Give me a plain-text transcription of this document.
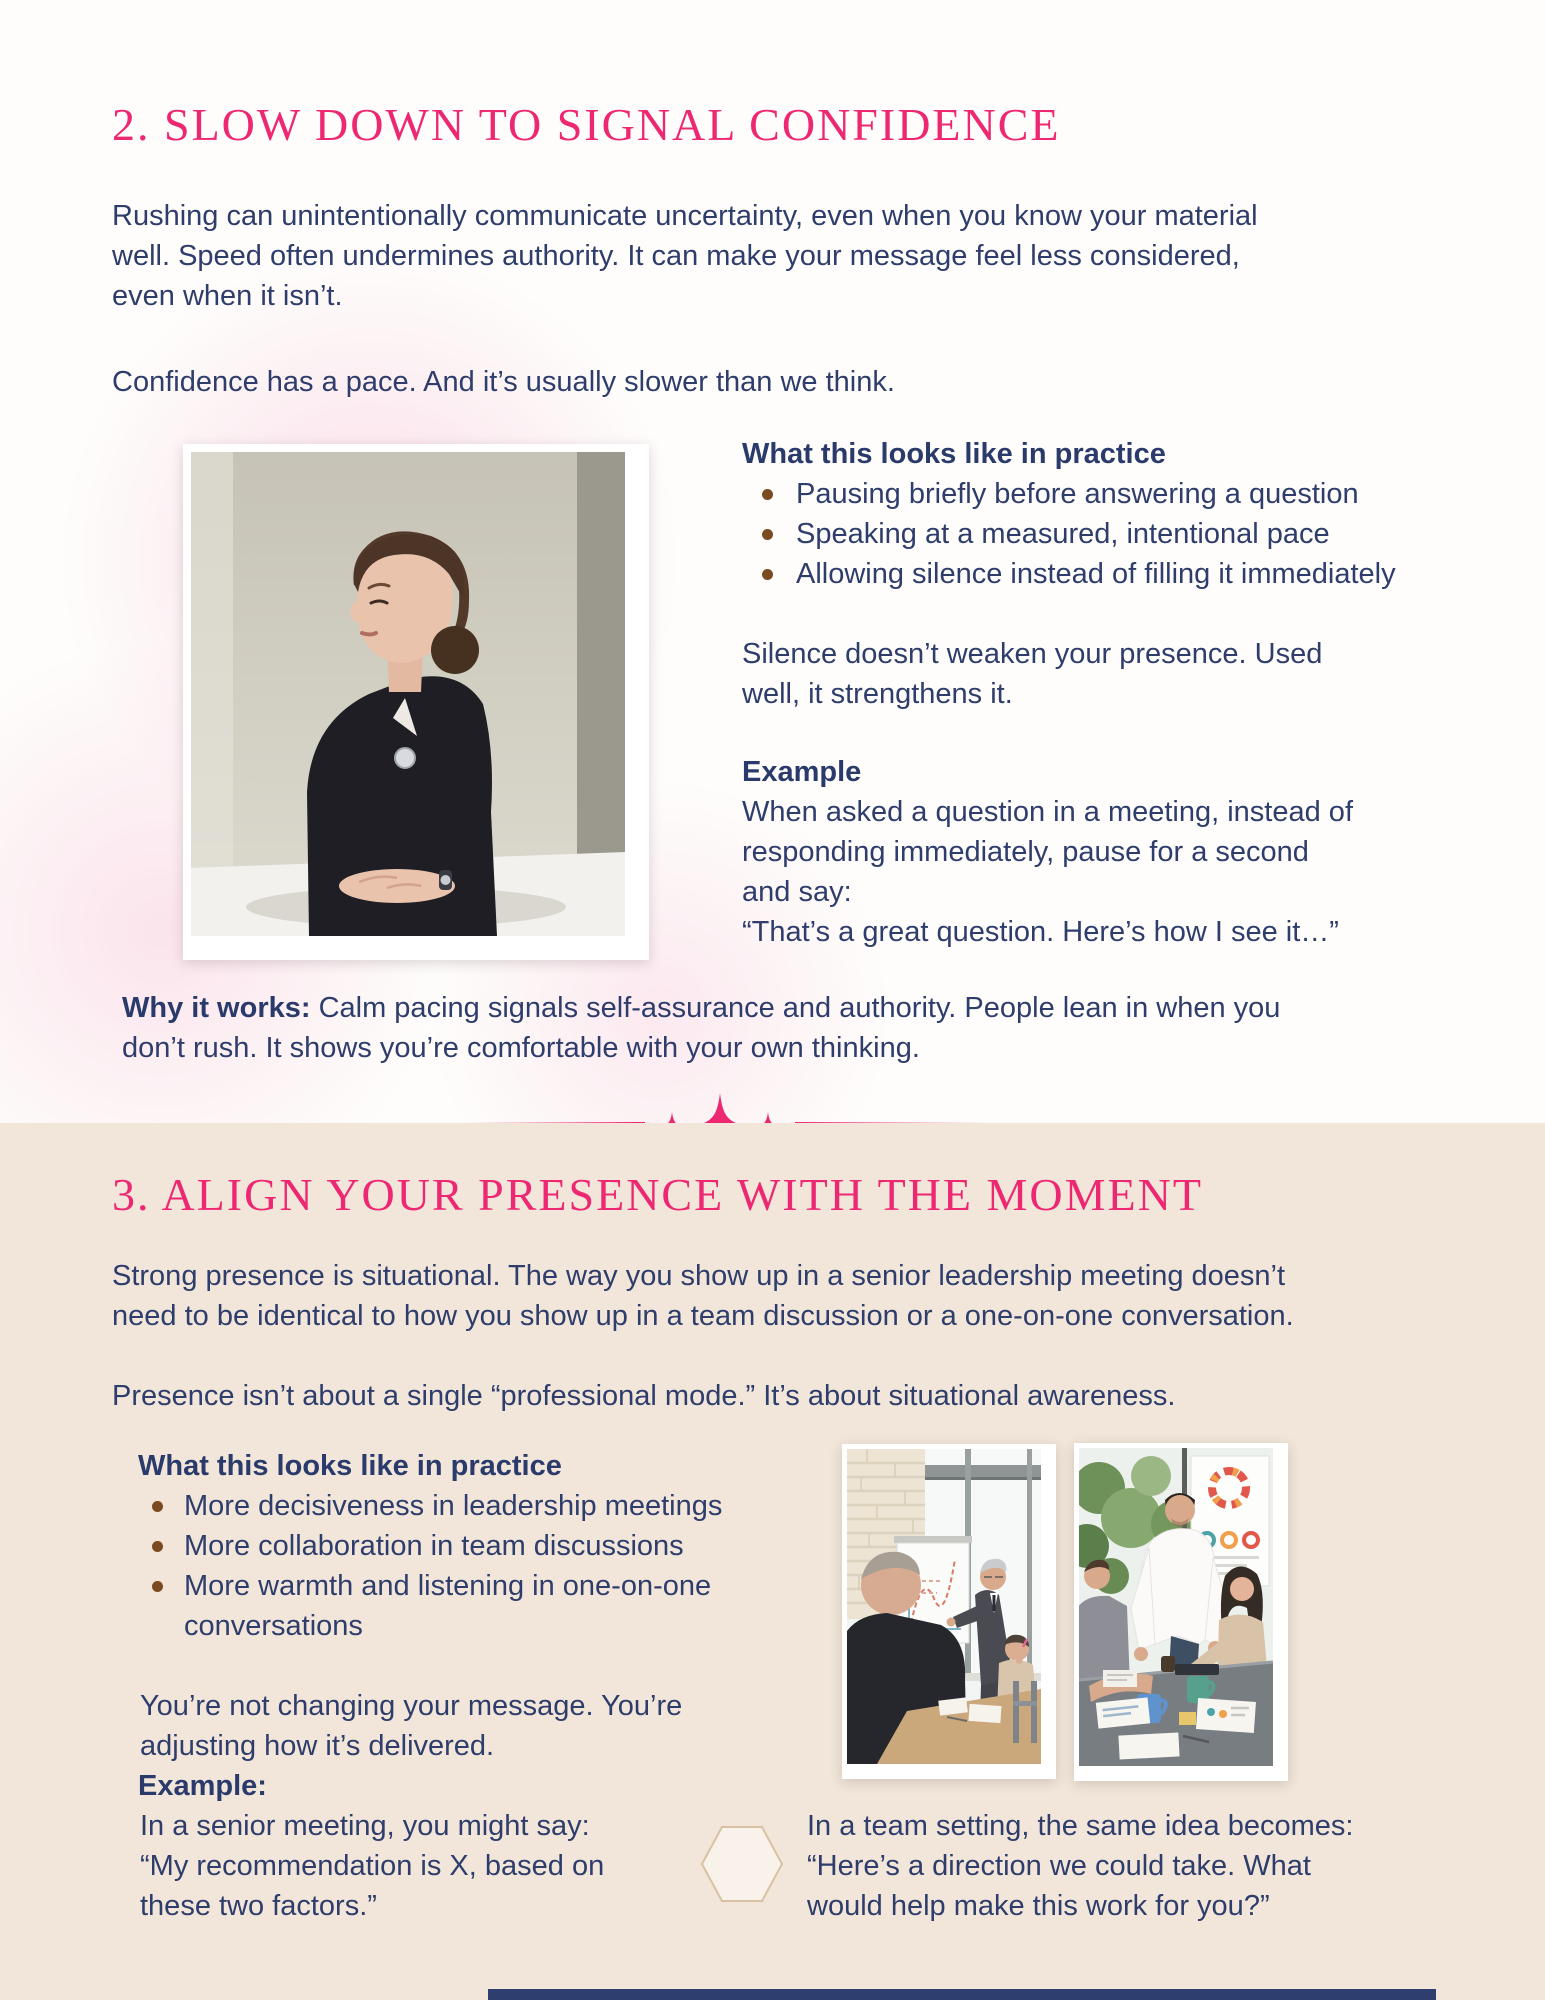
2. SLOW DOWN TO SIGNAL CONFIDENCE
Rushing can unintentionally communicate uncertainty, even when you know your material
well. Speed often undermines authority. It can make your message feel less considered,
even when it isn’t.
Confidence has a pace. And it’s usually slower than we think.
What this looks like in practice
Pausing briefly before answering a question
Speaking at a measured, intentional pace
Allowing silence instead of filling it immediately
Silence doesn’t weaken your presence. Used
well, it strengthens it.
Example
When asked a question in a meeting, instead of
responding immediately, pause for a second
and say:
“That’s a great question. Here’s how I see it…”
Why it works: Calm pacing signals self-assurance and authority. People lean in when you
don’t rush. It shows you’re comfortable with your own thinking.
3. ALIGN YOUR PRESENCE WITH THE MOMENT
Strong presence is situational. The way you show up in a senior leadership meeting doesn’t
need to be identical to how you show up in a team discussion or a one-on-one conversation.
Presence isn’t about a single “professional mode.” It’s about situational awareness.
What this looks like in practice
More decisiveness in leadership meetings
More collaboration in team discussions
More warmth and listening in one-on-one conversations
You’re not changing your message. You’re
adjusting how it’s delivered.
Example:
In a senior meeting, you might say:
“My recommendation is X, based on
these two factors.”
In a team setting, the same idea becomes:
“Here’s a direction we could take. What
would help make this work for you?”
